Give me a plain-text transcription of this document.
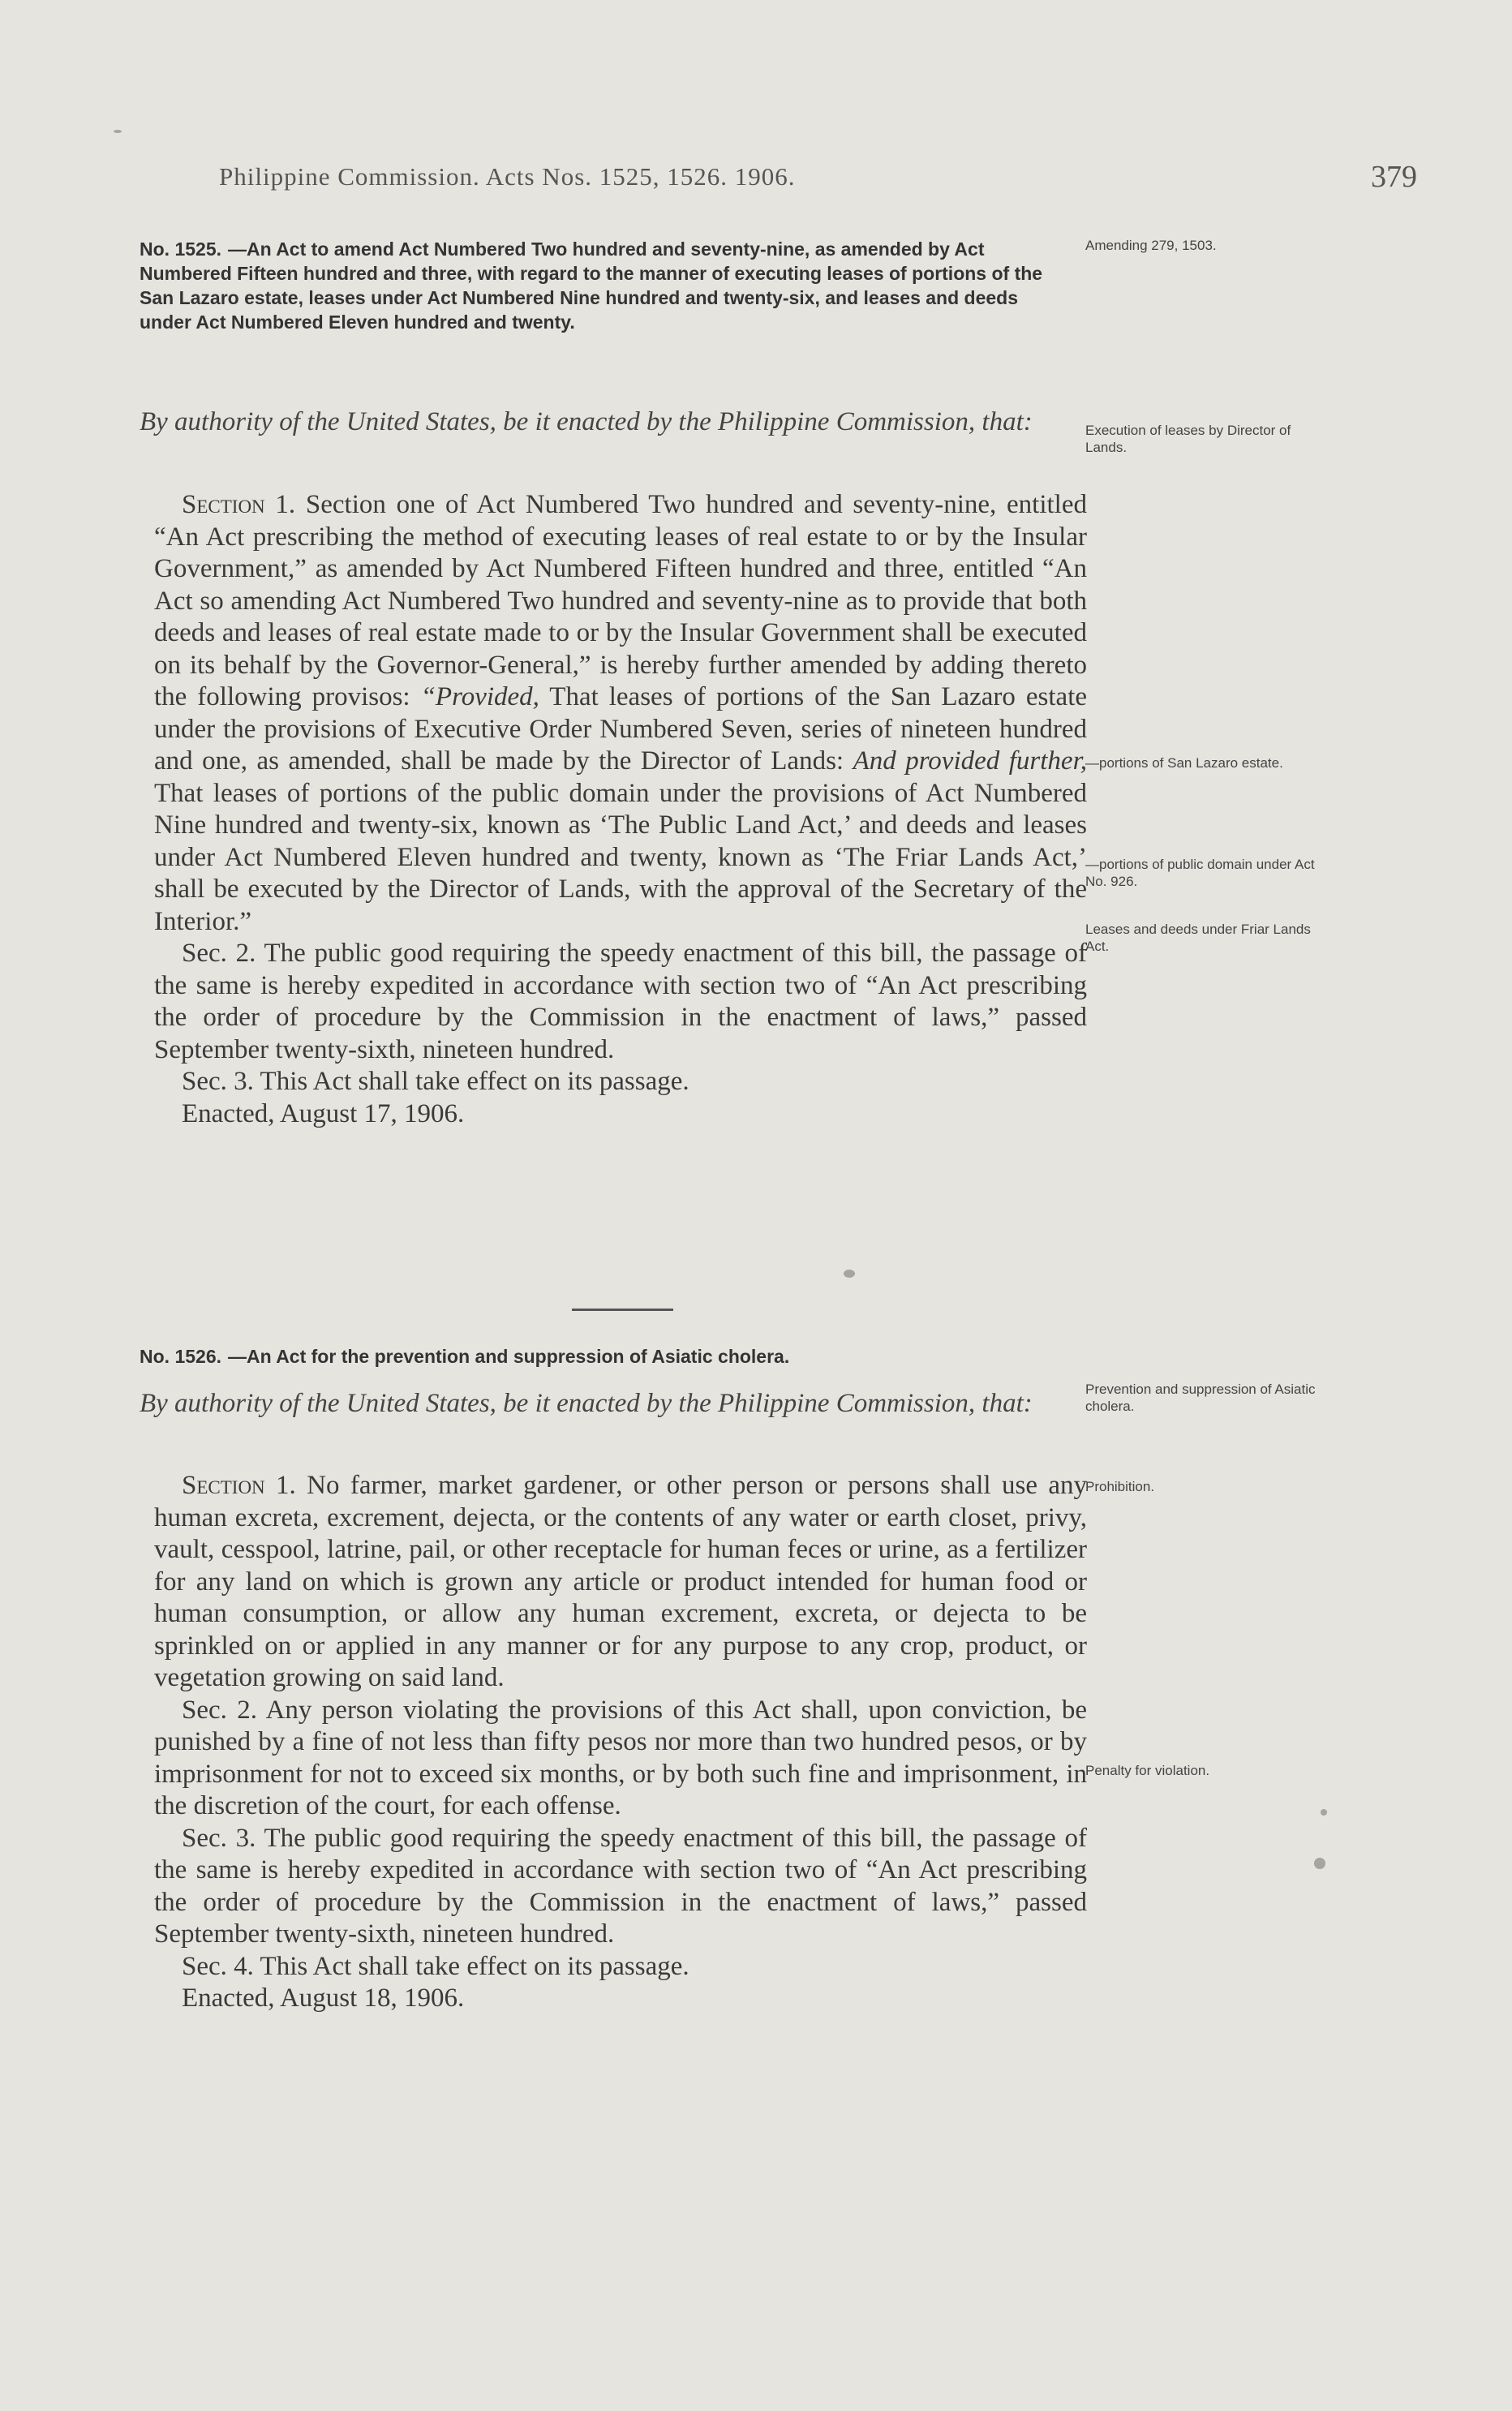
Philippine Commission. Acts Nos. 1525, 1526. 1906.	379
No. 1525. —An Act to amend Act Numbered Two hundred and seventy-nine, as amended by Act Numbered Fifteen hundred and three, with regard to the manner of executing leases of portions of the San Lazaro estate, leases under Act Numbered Nine hundred and twenty-six, and leases and deeds under Act Numbered Eleven hundred and twenty.
Amending 279, 1503.
By authority of the United States, be it enacted by the Philippine Commission, that:	Execution of leases by Director of Lands.

Section 1. Section one of Act Numbered Two hundred and seventy-nine, entitled “An Act prescribing the method of executing leases of real estate to or by the Insular Government,” as amended by Act Numbered Fifteen hundred and three, entitled “An Act so amending Act Numbered Two hundred and seventy-nine as to provide that both deeds and leases of real estate made to or by the Insular Government shall be executed on its behalf by the Governor-General,” is hereby further amended by adding thereto the following provisos: “Provided, That leases of portions of the San Lazaro estate under the provisions of Executive Order Numbered Seven, series of nineteen hundred and one, as amended, shall be made by the Director of Lands: And provided further, That leases of portions of the public domain under the provisions of Act Numbered Nine hundred and twenty-six, known as ‘The Public Land Act,’ and deeds and leases under Act Numbered Eleven hundred and twenty, known as ‘The Friar Lands Act,’ shall be executed by the Director of Lands, with the approval of the Secretary of the Interior.”

Sec. 2. The public good requiring the speedy enactment of this bill, the passage of the same is hereby expedited in accordance with section two of “An Act prescribing the order of procedure by the Commission in the enactment of laws,” passed September twenty-sixth, nineteen hundred.

Sec. 3. This Act shall take effect on its passage.

Enacted, August 17, 1906.

—portions of San Lazaro estate.
—portions of public domain under Act No. 926.
Leases and deeds under Friar Lands Act.
No. 1526. —An Act for the prevention and suppression of Asiatic cholera.
By authority of the United States, be it enacted by the Philippine Commission, that:	Prevention and suppression of Asiatic cholera.

Section 1. No farmer, market gardener, or other person or persons shall use any human excreta, excrement, dejecta, or the contents of any water or earth closet, privy, vault, cesspool, latrine, pail, or other receptacle for human feces or urine, as a fertilizer for any land on which is grown any article or product intended for human food or human consumption, or allow any human excrement, excreta, or dejecta to be sprinkled on or applied in any manner or for any purpose to any crop, product, or vegetation growing on said land.

Sec. 2. Any person violating the provisions of this Act shall, upon conviction, be punished by a fine of not less than fifty pesos nor more than two hundred pesos, or by imprisonment for not to exceed six months, or by both such fine and imprisonment, in the discretion of the court, for each offense.

Sec. 3. The public good requiring the speedy enactment of this bill, the passage of the same is hereby expedited in accordance with section two of “An Act prescribing the order of procedure by the Commission in the enactment of laws,” passed September twenty-sixth, nineteen hundred.

Sec. 4. This Act shall take effect on its passage.

Enacted, August 18, 1906.

Prohibition.
Penalty for violation.
